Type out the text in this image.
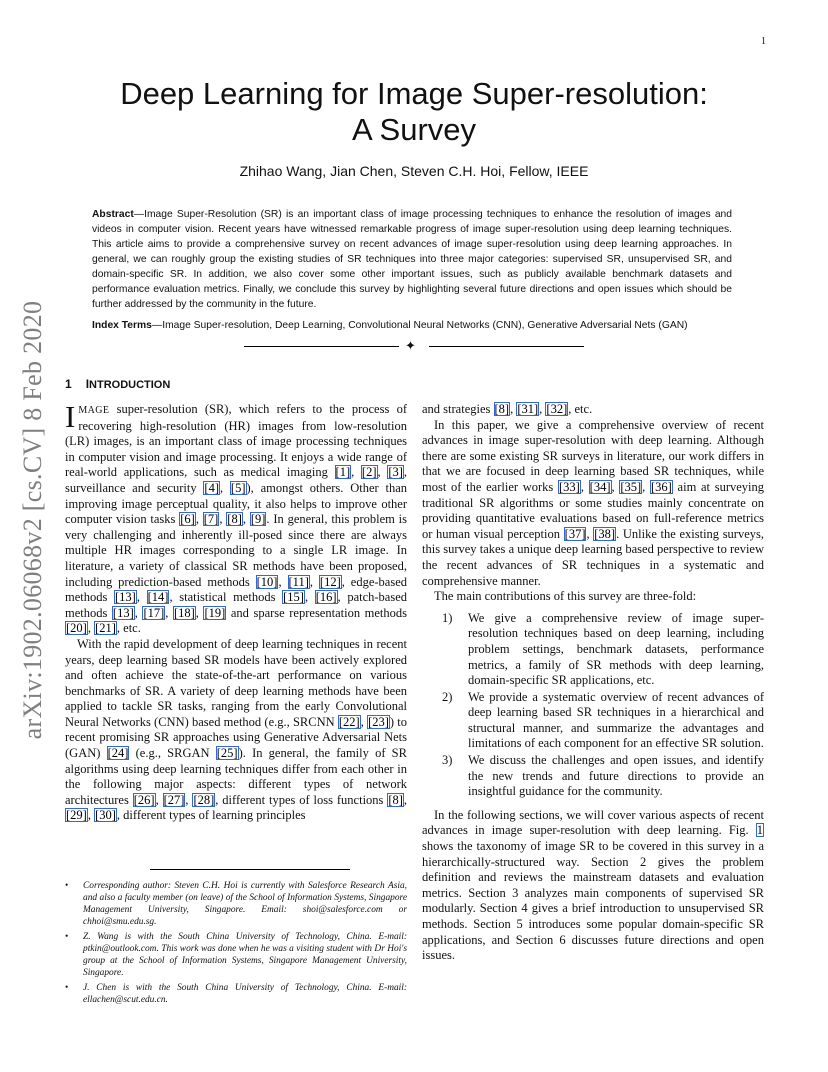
1
arXiv:1902.06068v2 [cs.CV] 8 Feb 2020
Deep Learning for Image Super-resolution:
A Survey
Zhihao Wang, Jian Chen, Steven C.H. Hoi, Fellow, IEEE

Abstract—Image Super-Resolution (SR) is an important class of image processing techniques to enhance the resolution of images and videos in computer vision. Recent years have witnessed remarkable progress of image super-resolution using deep learning techniques. This article aims to provide a comprehensive survey on recent advances of image super-resolution using deep learning approaches. In general, we can roughly group the existing studies of SR techniques into three major categories: supervised SR, unsupervised SR, and domain-specific SR. In addition, we also cover some other important issues, such as publicly available benchmark datasets and performance evaluation metrics. Finally, we conclude this survey by highlighting several future directions and open issues which should be further addressed by the community in the future.

Index Terms—Image Super-resolution, Deep Learning, Convolutional Neural Networks (CNN), Generative Adversarial Nets (GAN)
✦
1 INTRODUCTION

IMAGE super-resolution (SR), which refers to the process of recovering high-resolution (HR) images from low-resolution (LR) images, is an important class of image processing techniques in computer vision and image processing. It enjoys a wide range of real-world applications, such as medical imaging [1], [2], [3], surveillance and security [4], [5]), amongst others. Other than improving image perceptual quality, it also helps to improve other computer vision tasks [6], [7], [8], [9]. In general, this problem is very challenging and inherently ill-posed since there are always multiple HR images corresponding to a single LR image. In literature, a variety of classical SR methods have been proposed, including prediction-based methods [10], [11], [12], edge-based methods [13], [14], statistical methods [15], [16], patch-based methods [13], [17], [18], [19] and sparse representation methods [20], [21], etc.

With the rapid development of deep learning techniques in recent years, deep learning based SR models have been actively explored and often achieve the state-of-the-art performance on various benchmarks of SR. A variety of deep learning methods have been applied to tackle SR tasks, ranging from the early Convolutional Neural Networks (CNN) based method (e.g., SRCNN [22], [23]) to recent promising SR approaches using Generative Adversarial Nets (GAN) [24] (e.g., SRGAN [25]). In general, the family of SR algorithms using deep learning techniques differ from each other in the following major aspects: different types of network architectures [26], [27], [28], different types of loss functions [8], [29], [30], different types of learning principles

and strategies [8], [31], [32], etc.

In this paper, we give a comprehensive overview of recent advances in image super-resolution with deep learning. Although there are some existing SR surveys in literature, our work differs in that we are focused in deep learning based SR techniques, while most of the earlier works [33], [34], [35], [36] aim at surveying traditional SR algorithms or some studies mainly concentrate on providing quantitative evaluations based on full-reference metrics or human visual perception [37], [38]. Unlike the existing surveys, this survey takes a unique deep learning based perspective to review the recent advances of SR techniques in a systematic and comprehensive manner.

The main contributions of this survey are three-fold:

1) We give a comprehensive review of image super-resolution techniques based on deep learning, including problem settings, benchmark datasets, performance metrics, a family of SR methods with deep learning, domain-specific SR applications, etc.
2) We provide a systematic overview of recent advances of deep learning based SR techniques in a hierarchical and structural manner, and summarize the advantages and limitations of each component for an effective SR solution.
3) We discuss the challenges and open issues, and identify the new trends and future directions to provide an insightful guidance for the community.

In the following sections, we will cover various aspects of recent advances in image super-resolution with deep learning. Fig. 1 shows the taxonomy of image SR to be covered in this survey in a hierarchically-structured way. Section 2 gives the problem definition and reviews the mainstream datasets and evaluation metrics. Section 3 analyzes main components of supervised SR modularly. Section 4 gives a brief introduction to unsupervised SR methods. Section 5 introduces some popular domain-specific SR applications, and Section 6 discusses future directions and open issues.

• Corresponding author: Steven C.H. Hoi is currently with Salesforce Research Asia, and also a faculty member (on leave) of the School of Information Systems, Singapore Management University, Singapore. Email: shoi@salesforce.com or chhoi@smu.edu.sg.
• Z. Wang is with the South China University of Technology, China. E-mail: ptkin@outlook.com. This work was done when he was a visiting student with Dr Hoi's group at the School of Information Systems, Singapore Management University, Singapore.
• J. Chen is with the South China University of Technology, China. E-mail: ellachen@scut.edu.cn.
